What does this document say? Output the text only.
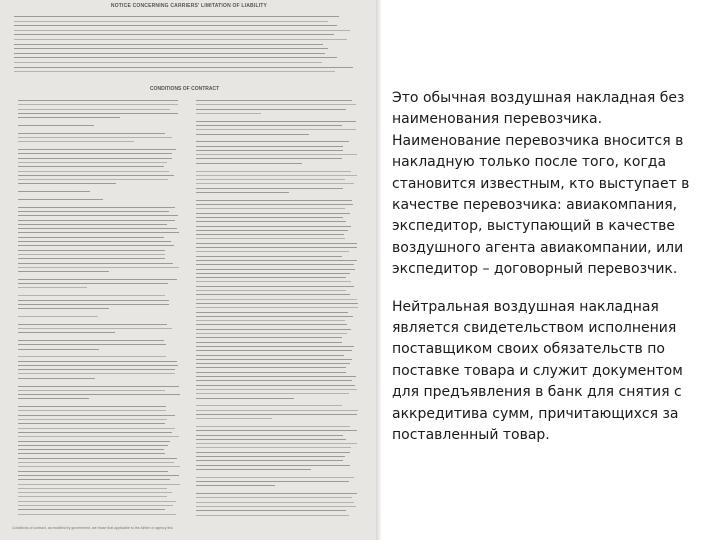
NOTICE CONCERNING CARRIERS' LIMITATION OF LIABILITY
CONDITIONS OF CONTRACT
Conditions of contract, as modified by government, are those that applicable to the Airline or agency this

Это обычная воздушная накладная без наименования перевозчика. Наименование перевозчика вносится в накладную только после того, когда становится известным, кто выступает в качестве перевозчика: авиакомпания, экспедитор, выступающий в качестве воздушного агента авиакомпании, или экспедитор – договорный перевозчик.

Нейтральная воздушная накладная является свидетельством исполнения поставщиком своих обязательств по поставке товара и служит документом для предъявления в банк для снятия с аккредитива сумм, причитающихся за поставленный товар.
